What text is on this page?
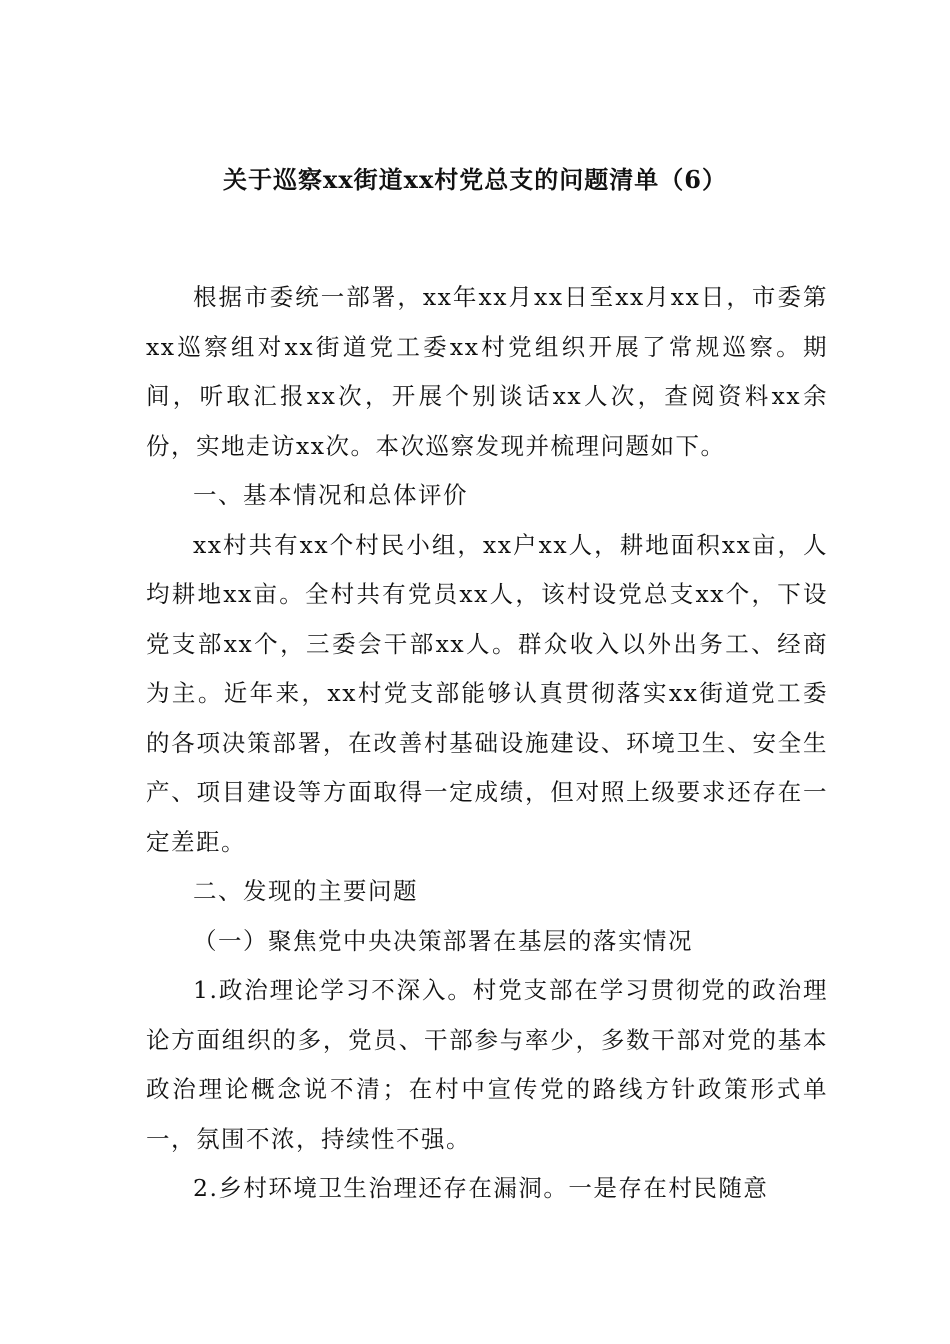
关于巡察xx街道xx村党总支的问题清单（6）

根据市委统一部署，xx年xx月xx日至xx月xx日，市委第xx巡察组对xx街道党工委xx村党组织开展了常规巡察。期间，听取汇报xx次，开展个别谈话xx人次，查阅资料xx余份，实地走访xx次。本次巡察发现并梳理问题如下。

一、基本情况和总体评价

xx村共有xx个村民小组，xx户xx人，耕地面积xx亩，人均耕地xx亩。全村共有党员xx人，该村设党总支xx个，下设党支部xx个，三委会干部xx人。群众收入以外出务工、经商为主。近年来，xx村党支部能够认真贯彻落实xx街道党工委的各项决策部署，在改善村基础设施建设、环境卫生、安全生产、项目建设等方面取得一定成绩，但对照上级要求还存在一定差距。

二、发现的主要问题

（一）聚焦党中央决策部署在基层的落实情况

1.政治理论学习不深入。村党支部在学习贯彻党的政治理论方面组织的多，党员、干部参与率少，多数干部对党的基本政治理论概念说不清；在村中宣传党的路线方针政策形式单一，氛围不浓，持续性不强。

2.乡村环境卫生治理还存在漏洞。一是存在村民随意
